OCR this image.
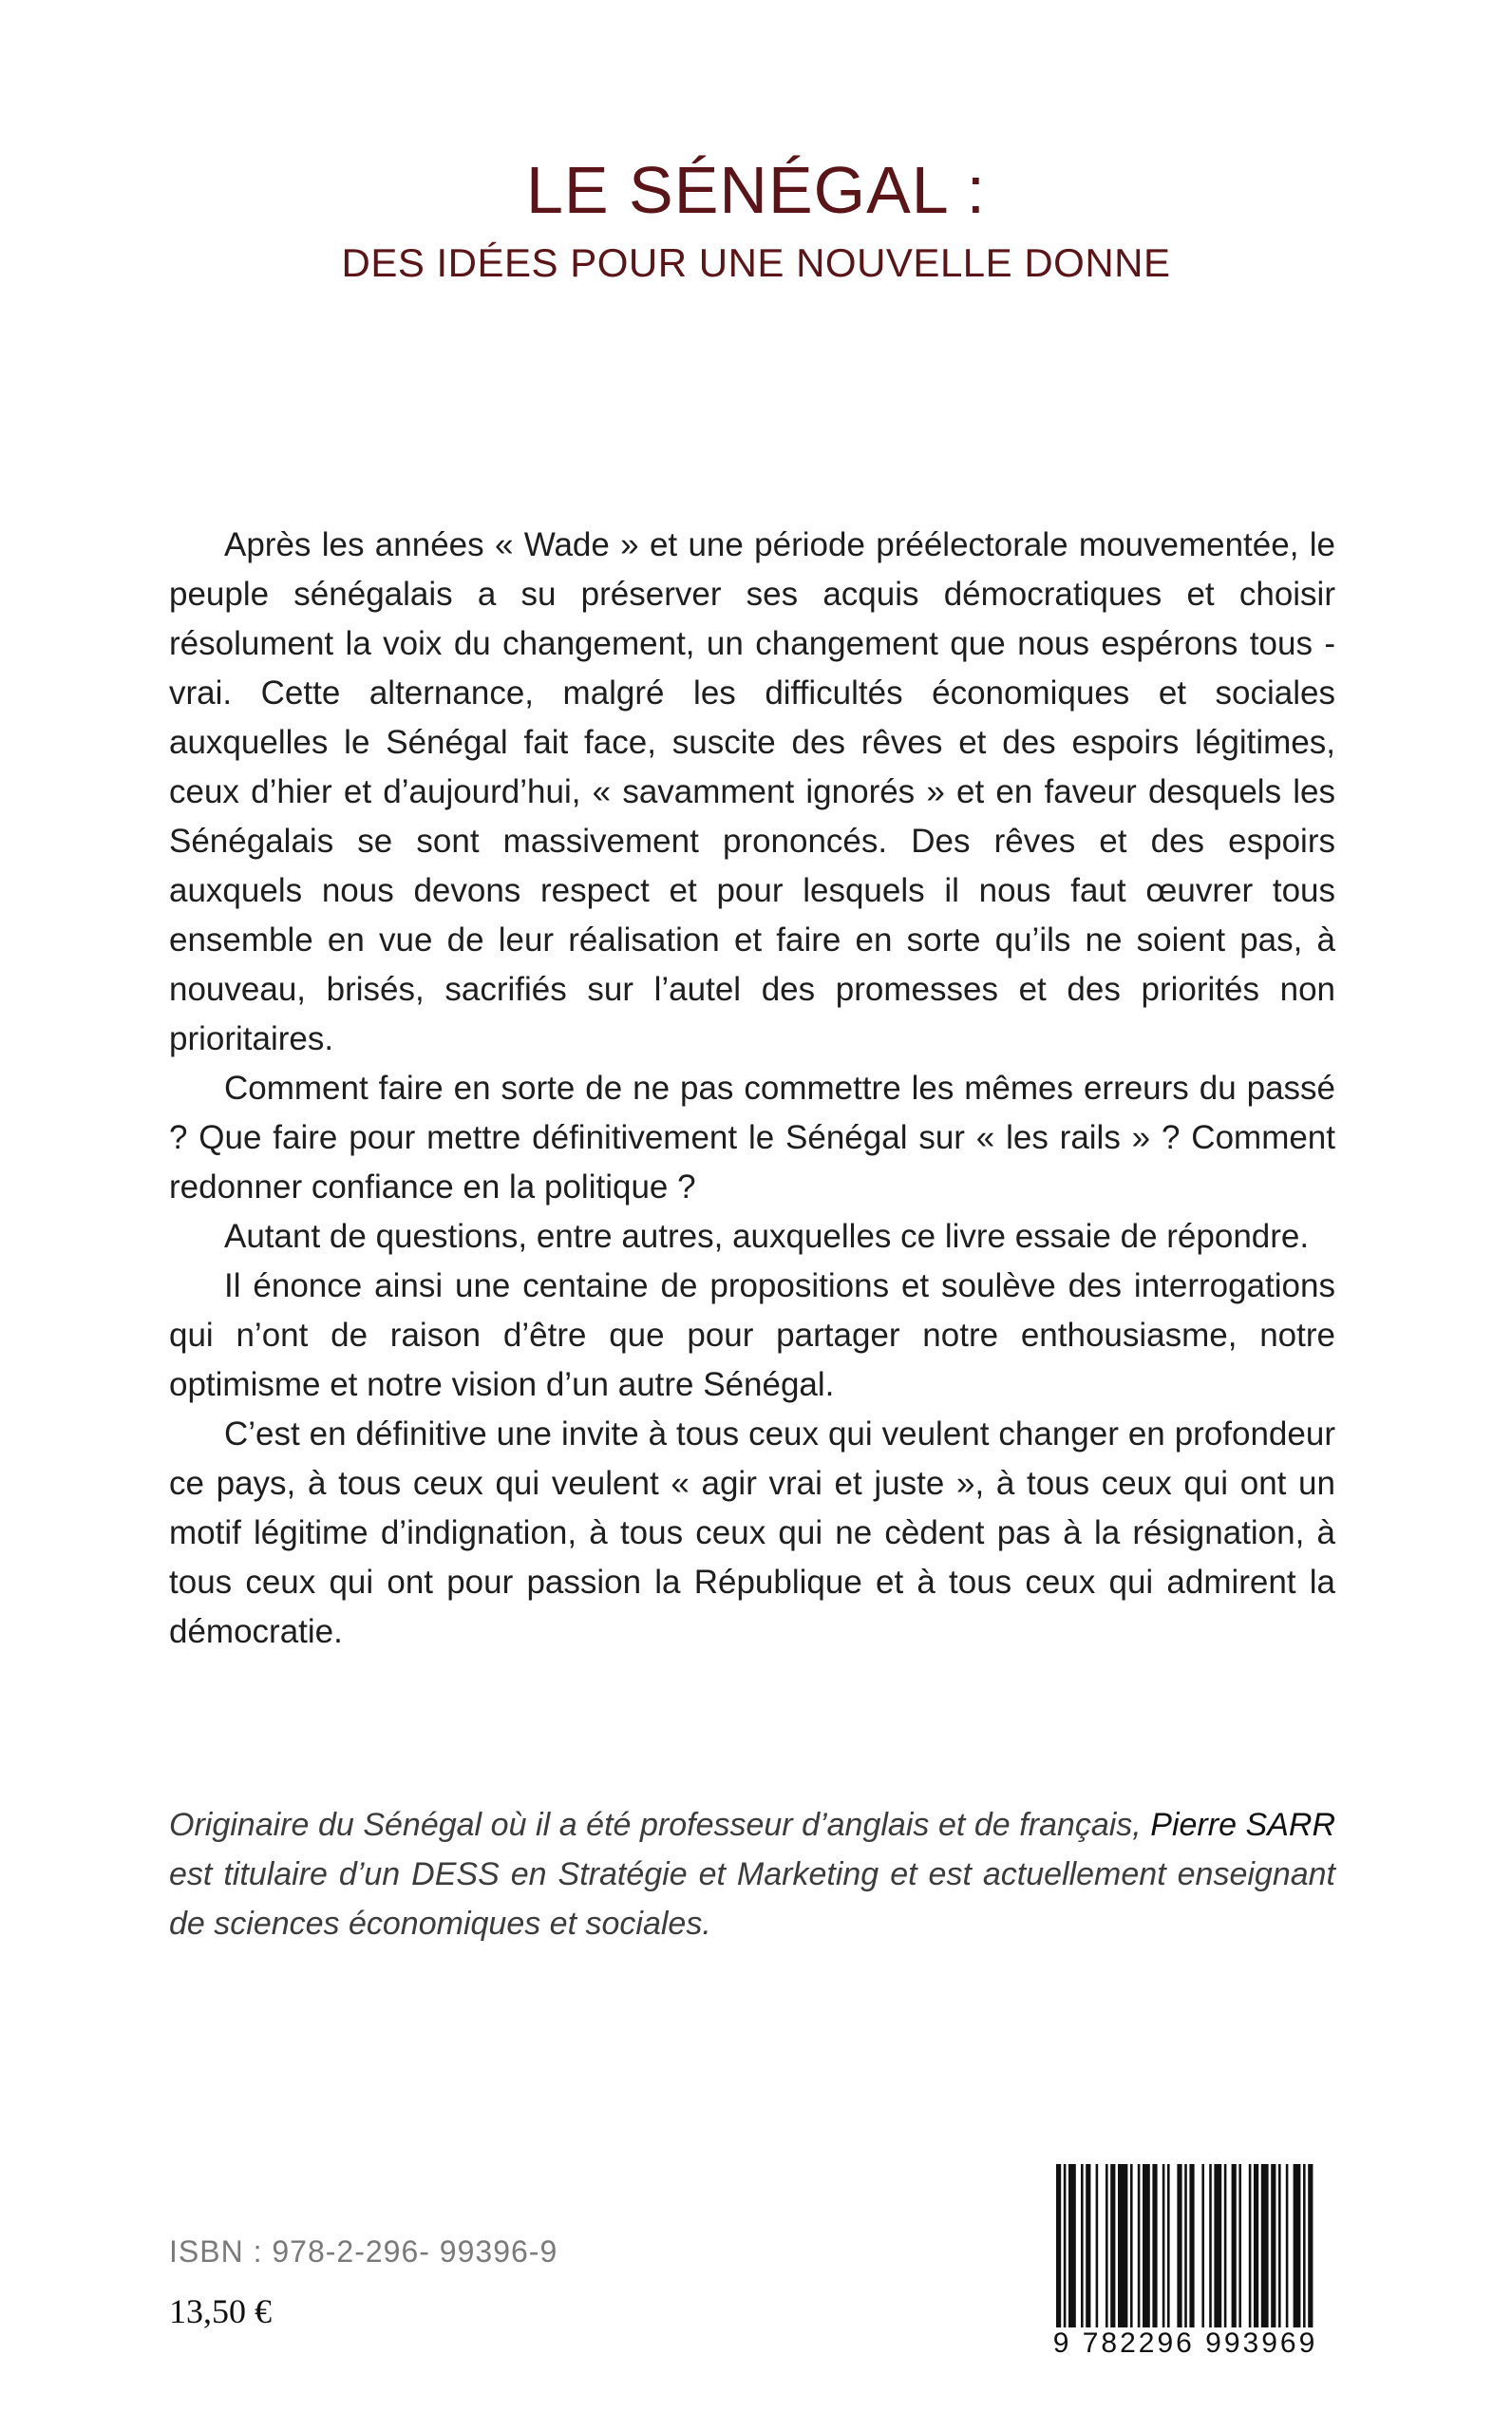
LE SÉNÉGAL :
DES IDÉES POUR UNE NOUVELLE DONNE

Après les années « Wade » et une période préélectorale mouvementée, le peuple sénégalais a su préserver ses acquis démocratiques et choisir résolument la voix du changement, un changement que nous espérons tous - vrai. Cette alternance, malgré les difficultés économiques et sociales auxquelles le Sénégal fait face, suscite des rêves et des espoirs légitimes, ceux d’hier et d’aujourd’hui, « savamment ignorés » et en faveur desquels les Sénégalais se sont massivement prononcés. Des rêves et des espoirs auxquels nous devons respect et pour lesquels il nous faut œuvrer tous ensemble en vue de leur réalisation et faire en sorte qu’ils ne soient pas, à nouveau, brisés, sacrifiés sur l’autel des promesses et des priorités non prioritaires.

Comment faire en sorte de ne pas commettre les mêmes erreurs du passé ? Que faire pour mettre définitivement le Sénégal sur « les rails » ? Comment redonner confiance en la politique ?

Autant de questions, entre autres, auxquelles ce livre essaie de répondre.

Il énonce ainsi une centaine de propositions et soulève des interrogations qui n’ont de raison d’être que pour partager notre enthousiasme, notre optimisme et notre vision d’un autre Sénégal.

C’est en définitive une invite à tous ceux qui veulent changer en profondeur ce pays, à tous ceux qui veulent « agir vrai et juste », à tous ceux qui ont un motif légitime d’indignation, à tous ceux qui ne cèdent pas à la résignation, à tous ceux qui ont pour passion la République et à tous ceux qui admirent la démocratie.

Originaire du Sénégal où il a été professeur d’anglais et de français, Pierre SARR est titulaire d’un DESS en Stratégie et Marketing et est actuellement enseignant de sciences économiques et sociales.
ISBN : 978-2-296- 99396-9
13,50 €
9 782296 993969
